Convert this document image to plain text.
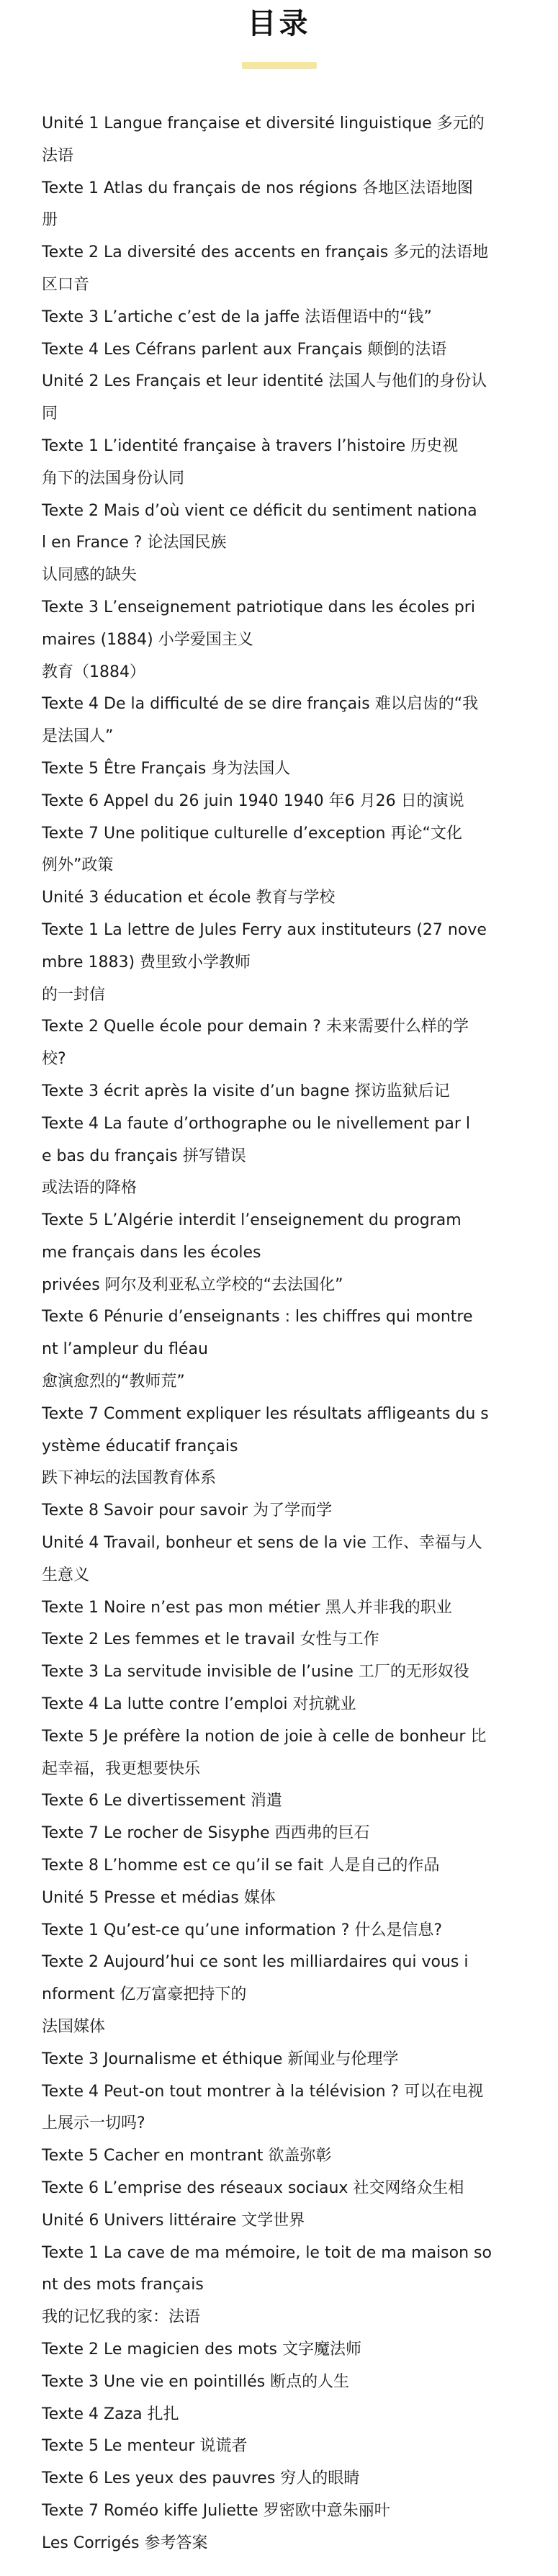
目录
Unité 1 Langue française et diversité linguistique 多元的
法语
Texte 1 Atlas du français de nos régions 各地区法语地图
册
Texte 2 La diversité des accents en français 多元的法语地
区口音
Texte 3 L’artiche c’est de la jaffe 法语俚语中的“钱”
Texte 4 Les Céfrans parlent aux Français 颠倒的法语
Unité 2 Les Français et leur identité 法国人与他们的身份认
同
Texte 1 L’identité française à travers l’histoire 历史视
角下的法国身份认同
Texte 2 Mais d’où vient ce déficit du sentiment nationa
l en France ? 论法国民族
认同感的缺失
Texte 3 L’enseignement patriotique dans les écoles pri
maires (1884) 小学爱国主义
教育（1884）
Texte 4 De la difficulté de se dire français 难以启齿的“我
是法国人”
Texte 5 Être Français 身为法国人
Texte 6 Appel du 26 juin 1940 1940 年6 月26 日的演说
Texte 7 Une politique culturelle d’exception 再论“文化
例外”政策
Unité 3 éducation et école 教育与学校
Texte 1 La lettre de Jules Ferry aux instituteurs (27 nove
mbre 1883) 费里致小学教师
的一封信
Texte 2 Quelle école pour demain ? 未来需要什么样的学
校?
Texte 3 écrit après la visite d’un bagne 探访监狱后记
Texte 4 La faute d’orthographe ou le nivellement par l
e bas du français 拼写错误
或法语的降格
Texte 5 L’Algérie interdit l’enseignement du program
me français dans les écoles
privées 阿尔及利亚私立学校的“去法国化”
Texte 6 Pénurie d’enseignants : les chiffres qui montre
nt l’ampleur du fléau
愈演愈烈的“教师荒”
Texte 7 Comment expliquer les résultats affligeants du s
ystème éducatif français
跌下神坛的法国教育体系
Texte 8 Savoir pour savoir 为了学而学
Unité 4 Travail, bonheur et sens de la vie 工作、幸福与人
生意义
Texte 1 Noire n’est pas mon métier 黑人并非我的职业
Texte 2 Les femmes et le travail 女性与工作
Texte 3 La servitude invisible de l’usine 工厂的无形奴役
Texte 4 La lutte contre l’emploi 对抗就业
Texte 5 Je préfère la notion de joie à celle de bonheur 比
起幸福，我更想要快乐
Texte 6 Le divertissement 消遣
Texte 7 Le rocher de Sisyphe 西西弗的巨石
Texte 8 L’homme est ce qu’il se fait 人是自己的作品
Unité 5 Presse et médias 媒体
Texte 1 Qu’est-ce qu’une information ? 什么是信息?
Texte 2 Aujourd’hui ce sont les milliardaires qui vous i
nforment 亿万富豪把持下的
法国媒体
Texte 3 Journalisme et éthique 新闻业与伦理学
Texte 4 Peut-on tout montrer à la télévision ? 可以在电视
上展示一切吗?
Texte 5 Cacher en montrant 欲盖弥彰
Texte 6 L’emprise des réseaux sociaux 社交网络众生相
Unité 6 Univers littéraire 文学世界
Texte 1 La cave de ma mémoire, le toit de ma maison so
nt des mots français
我的记忆我的家：法语
Texte 2 Le magicien des mots 文字魔法师
Texte 3 Une vie en pointillés 断点的人生
Texte 4 Zaza 扎扎
Texte 5 Le menteur 说谎者
Texte 6 Les yeux des pauvres 穷人的眼睛
Texte 7 Roméo kiffe Juliette 罗密欧中意朱丽叶
Les Corrigés 参考答案
